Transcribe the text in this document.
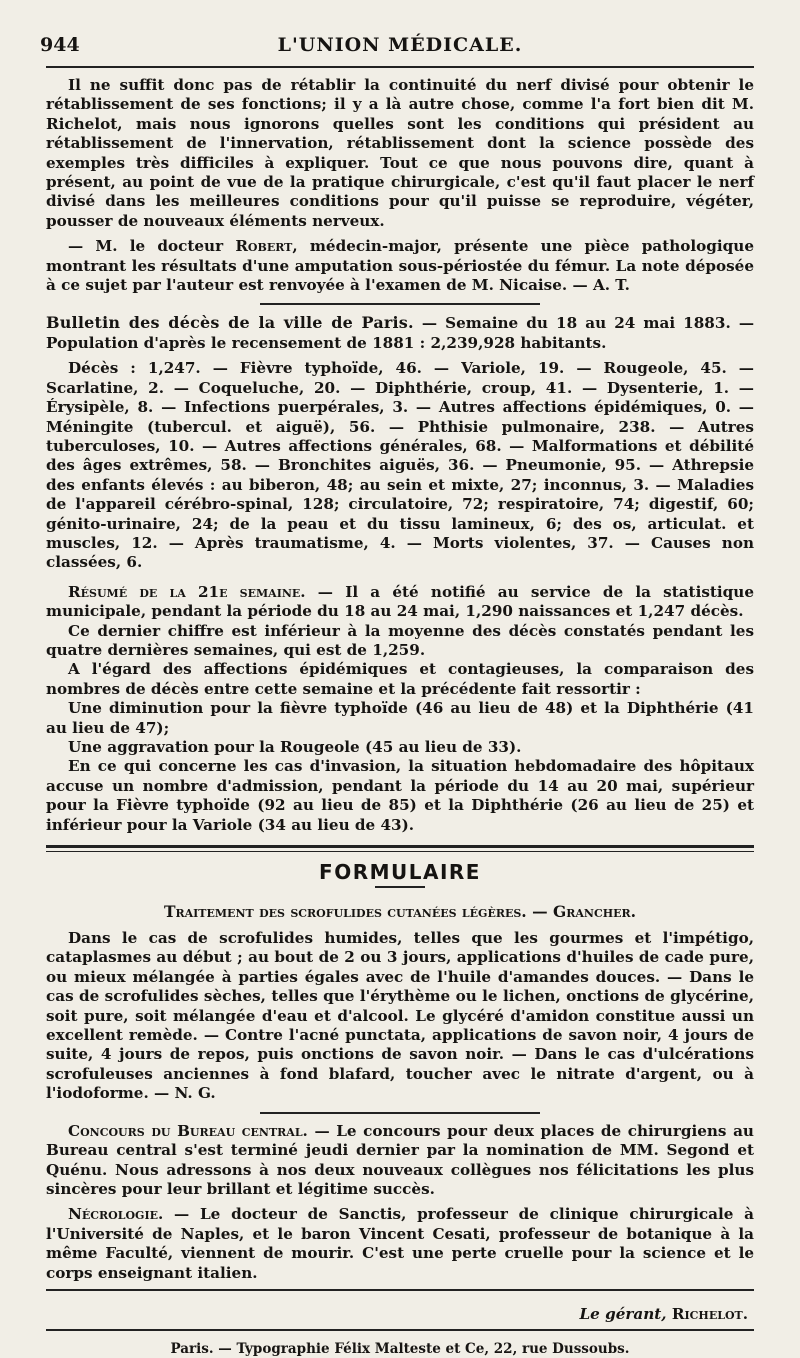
944	L'UNION MÉDICALE.

Il ne suffit donc pas de rétablir la continuité du nerf divisé pour obtenir le rétablissement de ses fonctions; il y a là autre chose, comme l'a fort bien dit M. Richelot, mais nous ignorons quelles sont les conditions qui président au rétablissement de l'innervation, rétablissement dont la science possède des exemples très difficiles à expliquer. Tout ce que nous pouvons dire, quant à présent, au point de vue de la pratique chirurgicale, c'est qu'il faut placer le nerf divisé dans les meilleures conditions pour qu'il puisse se reproduire, végéter, pousser de nouveaux éléments nerveux.

— M. le docteur Robert, médecin-major, présente une pièce pathologique montrant les résultats d'une amputation sous-périostée du fémur. La note déposée à ce sujet par l'auteur est renvoyée à l'examen de M. Nicaise. — A. T.

Bulletin des décès de la ville de Paris. — Semaine du 18 au 24 mai 1883. — Population d'après le recensement de 1881 : 2,239,928 habitants.

Décès : 1,247. — Fièvre typhoïde, 46. — Variole, 19. — Rougeole, 45. — Scarlatine, 2. — Coqueluche, 20. — Diphthérie, croup, 41. — Dysenterie, 1. — Érysipèle, 8. — Infections puerpérales, 3. — Autres affections épidémiques, 0. — Méningite (tubercul. et aiguë), 56. — Phthisie pulmonaire, 238. — Autres tuberculoses, 10. — Autres affections générales, 68. — Malformations et débilité des âges extrêmes, 58. — Bronchites aiguës, 36. — Pneumonie, 95. — Athrepsie des enfants élevés : au biberon, 48; au sein et mixte, 27; inconnus, 3. — Maladies de l'appareil cérébro-spinal, 128; circulatoire, 72; respiratoire, 74; digestif, 60; génito-urinaire, 24; de la peau et du tissu lamineux, 6; des os, articulat. et muscles, 12. — Après traumatisme, 4. — Morts violentes, 37. — Causes non classées, 6.

Résumé de la 21e semaine. — Il a été notifié au service de la statistique municipale, pendant la période du 18 au 24 mai, 1,290 naissances et 1,247 décès.

Ce dernier chiffre est inférieur à la moyenne des décès constatés pendant les quatre dernières semaines, qui est de 1,259.

A l'égard des affections épidémiques et contagieuses, la comparaison des nombres de décès entre cette semaine et la précédente fait ressortir :

Une diminution pour la fièvre typhoïde (46 au lieu de 48) et la Diphthérie (41 au lieu de 47);

Une aggravation pour la Rougeole (45 au lieu de 33).

En ce qui concerne les cas d'invasion, la situation hebdomadaire des hôpitaux accuse un nombre d'admission, pendant la période du 14 au 20 mai, supérieur pour la Fièvre typhoïde (92 au lieu de 85) et la Diphthérie (26 au lieu de 25) et inférieur pour la Variole (34 au lieu de 43).

FORMULAIRE
Traitement des scrofulides cutanées légères. — Grancher.

Dans le cas de scrofulides humides, telles que les gourmes et l'impétigo, cataplasmes au début ; au bout de 2 ou 3 jours, applications d'huiles de cade pure, ou mieux mélangée à parties égales avec de l'huile d'amandes douces. — Dans le cas de scrofulides sèches, telles que l'érythème ou le lichen, onctions de glycérine, soit pure, soit mélangée d'eau et d'alcool. Le glycéré d'amidon constitue aussi un excellent remède. — Contre l'acné punctata, applications de savon noir, 4 jours de suite, 4 jours de repos, puis onctions de savon noir. — Dans le cas d'ulcérations scrofuleuses anciennes à fond blafard, toucher avec le nitrate d'argent, ou à l'iodoforme. — N. G.

Concours du Bureau central. — Le concours pour deux places de chirurgiens au Bureau central s'est terminé jeudi dernier par la nomination de MM. Segond et Quénu. Nous adressons à nos deux nouveaux collègues nos félicitations les plus sincères pour leur brillant et légitime succès.

Nécrologie. — Le docteur de Sanctis, professeur de clinique chirurgicale à l'Université de Naples, et le baron Vincent Cesati, professeur de botanique à la même Faculté, viennent de mourir. C'est une perte cruelle pour la science et le corps enseignant italien.

Le gérant, Richelot.
Paris. — Typographie Félix Malteste et Ce, 22, rue Dussoubs.
